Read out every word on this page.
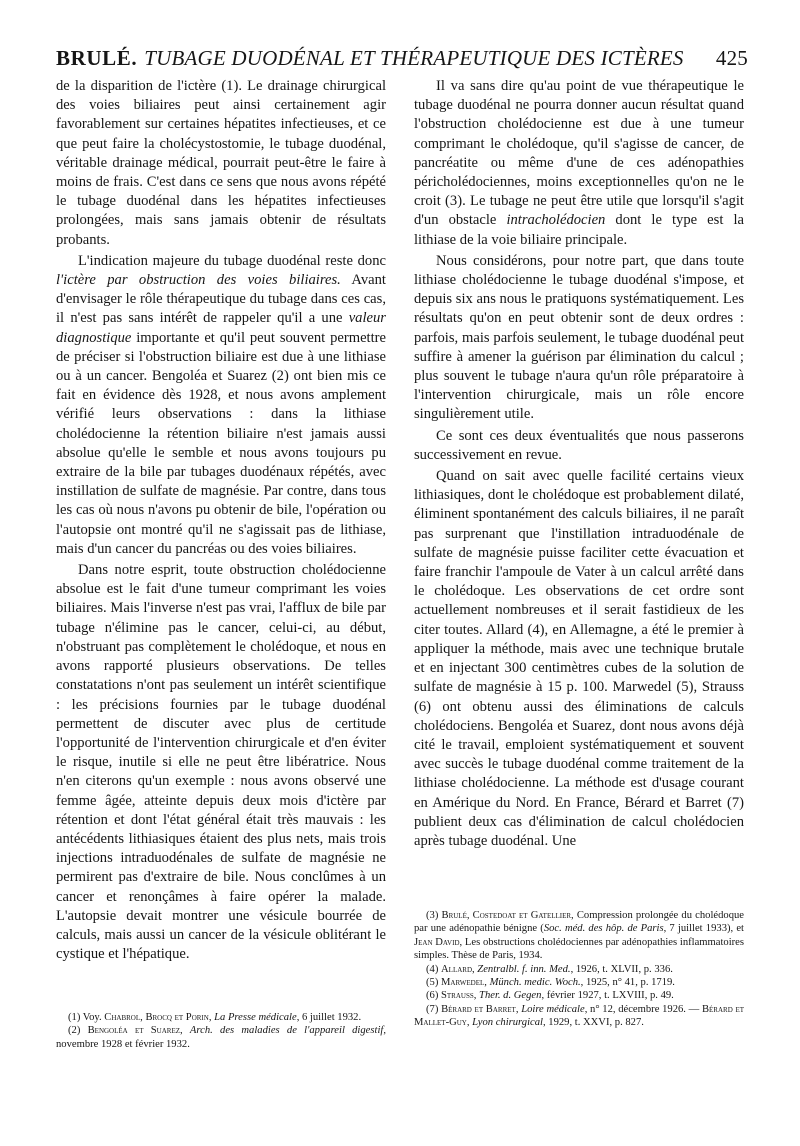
BRULÉ. TUBAGE DUODÉNAL ET THÉRAPEUTIQUE DES ICTÈRES 425

de la disparition de l'ictère (1). Le drainage chirurgical des voies biliaires peut ainsi certainement agir favorablement sur certaines hépatites infectieuses, et ce que peut faire la cholécystostomie, le tubage duodénal, véritable drainage médical, pourrait peut-être le faire à moins de frais. C'est dans ce sens que nous avons répété le tubage duodénal dans les hépatites infectieuses prolongées, mais sans jamais obtenir de résultats probants.

L'indication majeure du tubage duodénal reste donc l'ictère par obstruction des voies biliaires. Avant d'envisager le rôle thérapeutique du tubage dans ces cas, il n'est pas sans intérêt de rappeler qu'il a une valeur diagnostique importante et qu'il peut souvent permettre de préciser si l'obstruction biliaire est due à une lithiase ou à un cancer. Bengoléa et Suarez (2) ont bien mis ce fait en évidence dès 1928, et nous avons amplement vérifié leurs observations : dans la lithiase cholédocienne la rétention biliaire n'est jamais aussi absolue qu'elle le semble et nous avons toujours pu extraire de la bile par tubages duodénaux répétés, avec instillation de sulfate de magnésie. Par contre, dans tous les cas où nous n'avons pu obtenir de bile, l'opération ou l'autopsie ont montré qu'il ne s'agissait pas de lithiase, mais d'un cancer du pancréas ou des voies biliaires.

Dans notre esprit, toute obstruction cholédocienne absolue est le fait d'une tumeur comprimant les voies biliaires. Mais l'inverse n'est pas vrai, l'afflux de bile par tubage n'élimine pas le cancer, celui-ci, au début, n'obstruant pas complètement le cholédoque, et nous en avons rapporté plusieurs observations. De telles constatations n'ont pas seulement un intérêt scientifique : les précisions fournies par le tubage duodénal permettent de discuter avec plus de certitude l'opportunité de l'intervention chirurgicale et d'en éviter le risque, inutile si elle ne peut être libératrice. Nous n'en citerons qu'un exemple : nous avons observé une femme âgée, atteinte depuis deux mois d'ictère par rétention et dont l'état général était très mauvais : les antécédents lithiasiques étaient des plus nets, mais trois injections intraduodénales de sulfate de magnésie ne permirent pas d'extraire de bile. Nous conclûmes à un cancer et renonçâmes à faire opérer la malade. L'autopsie devait montrer une vésicule bourrée de calculs, mais aussi un cancer de la vésicule oblitérant le cystique et l'hépatique.

(1) Voy. Chabrol, Brocq et Porin, La Presse médicale, 6 juillet 1932.

(2) Bengoléa et Suarez, Arch. des maladies de l'appareil digestif, novembre 1928 et février 1932.

Il va sans dire qu'au point de vue thérapeutique le tubage duodénal ne pourra donner aucun résultat quand l'obstruction cholédocienne est due à une tumeur comprimant le cholédoque, qu'il s'agisse de cancer, de pancréatite ou même d'une de ces adénopathies péricholédociennes, moins exceptionnelles qu'on ne le croit (3). Le tubage ne peut être utile que lorsqu'il s'agit d'un obstacle intracholédocien dont le type est la lithiase de la voie biliaire principale.

Nous considérons, pour notre part, que dans toute lithiase cholédocienne le tubage duodénal s'impose, et depuis six ans nous le pratiquons systématiquement. Les résultats qu'on en peut obtenir sont de deux ordres : parfois, mais parfois seulement, le tubage duodénal peut suffire à amener la guérison par élimination du calcul ; plus souvent le tubage n'aura qu'un rôle préparatoire à l'intervention chirurgicale, mais un rôle encore singulièrement utile.

Ce sont ces deux éventualités que nous passerons successivement en revue.

Quand on sait avec quelle facilité certains vieux lithiasiques, dont le cholédoque est probablement dilaté, éliminent spontanément des calculs biliaires, il ne paraît pas surprenant que l'instillation intraduodénale de sulfate de magnésie puisse faciliter cette évacuation et faire franchir l'ampoule de Vater à un calcul arrêté dans le cholédoque. Les observations de cet ordre sont actuellement nombreuses et il serait fastidieux de les citer toutes. Allard (4), en Allemagne, a été le premier à appliquer la méthode, mais avec une technique brutale et en injectant 300 centimètres cubes de la solution de sulfate de magnésie à 15 p. 100. Marwedel (5), Strauss (6) ont obtenu aussi des éliminations de calculs cholédociens. Bengoléa et Suarez, dont nous avons déjà cité le travail, emploient systématiquement et souvent avec succès le tubage duodénal comme traitement de la lithiase cholédocienne. La méthode est d'usage courant en Amérique du Nord. En France, Bérard et Barret (7) publient deux cas d'élimination de calcul cholédocien après tubage duodénal. Une

(3) Brulé, Costedoat et Gatellier, Compression prolongée du cholédoque par une adénopathie bénigne (Soc. méd. des hôp. de Paris, 7 juillet 1933), et Jean David, Les obstructions cholédociennes par adénopathies inflammatoires simples. Thèse de Paris, 1934.

(4) Allard, Zentralbl. f. inn. Med., 1926, t. XLVII, p. 336.

(5) Marwedel, Münch. medic. Woch., 1925, n° 41, p. 1719.

(6) Strauss, Ther. d. Gegen, février 1927, t. LXVIII, p. 49.

(7) Bérard et Barret, Loire médicale, n° 12, décembre 1926. — Bérard et Mallet-Guy, Lyon chirurgical, 1929, t. XXVI, p. 827.
